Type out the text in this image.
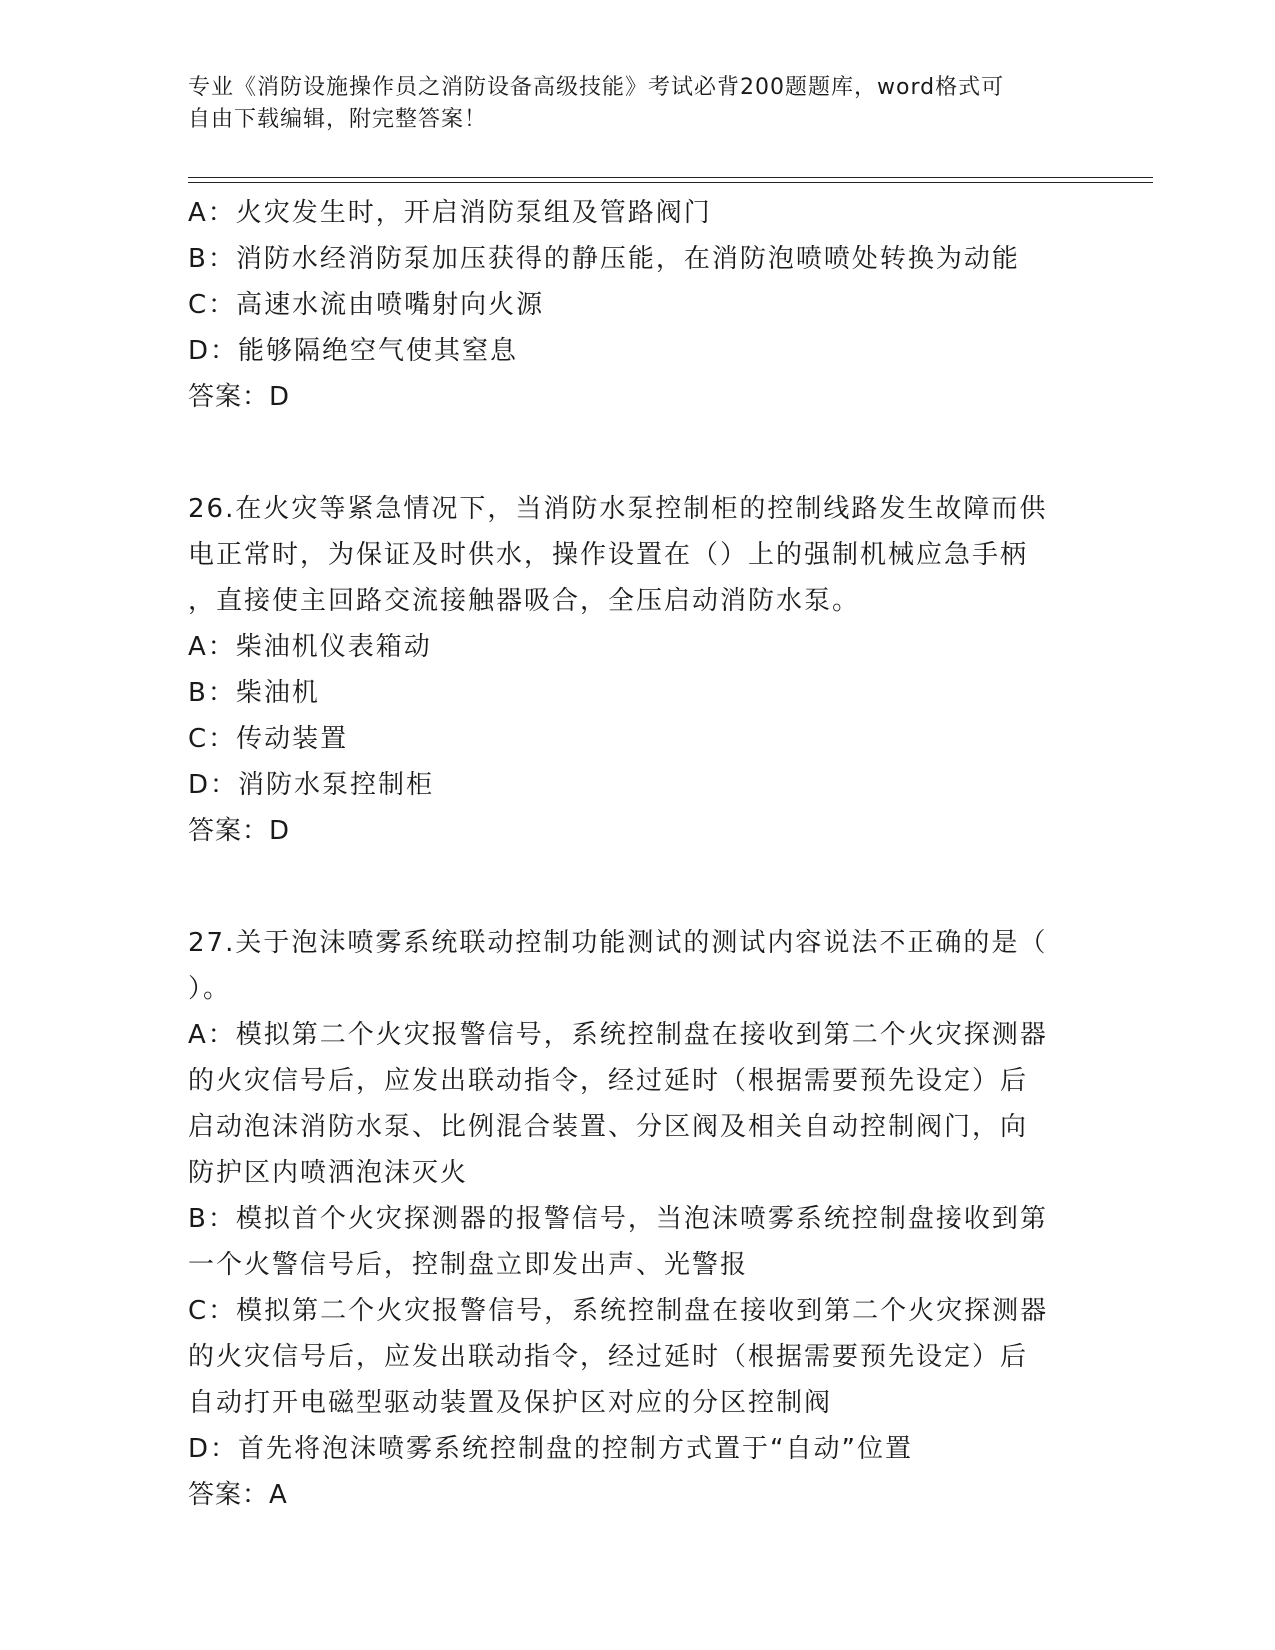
专业《消防设施操作员之消防设备高级技能》考试必背200题题库，word格式可
自由下载编辑，附完整答案！
A：火灾发生时，开启消防泵组及管路阀门
B：消防水经消防泵加压获得的静压能，在消防泡喷喷处转换为动能
C：高速水流由喷嘴射向火源
D：能够隔绝空气使其窒息
答案：D
26.在火灾等紧急情况下，当消防水泵控制柜的控制线路发生故障而供
电正常时，为保证及时供水，操作设置在（）上的强制机械应急手柄
，直接使主回路交流接触器吸合，全压启动消防水泵。
A：柴油机仪表箱动
B：柴油机
C：传动装置
D：消防水泵控制柜
答案：D
27.关于泡沫喷雾系统联动控制功能测试的测试内容说法不正确的是（
）。
A：模拟第二个火灾报警信号，系统控制盘在接收到第二个火灾探测器
的火灾信号后，应发出联动指令，经过延时（根据需要预先设定）后
启动泡沫消防水泵、比例混合装置、分区阀及相关自动控制阀门，向
防护区内喷洒泡沫灭火
B：模拟首个火灾探测器的报警信号，当泡沫喷雾系统控制盘接收到第
一个火警信号后，控制盘立即发出声、光警报
C：模拟第二个火灾报警信号，系统控制盘在接收到第二个火灾探测器
的火灾信号后，应发出联动指令，经过延时（根据需要预先设定）后
自动打开电磁型驱动装置及保护区对应的分区控制阀
D：首先将泡沫喷雾系统控制盘的控制方式置于“自动”位置
答案：A
